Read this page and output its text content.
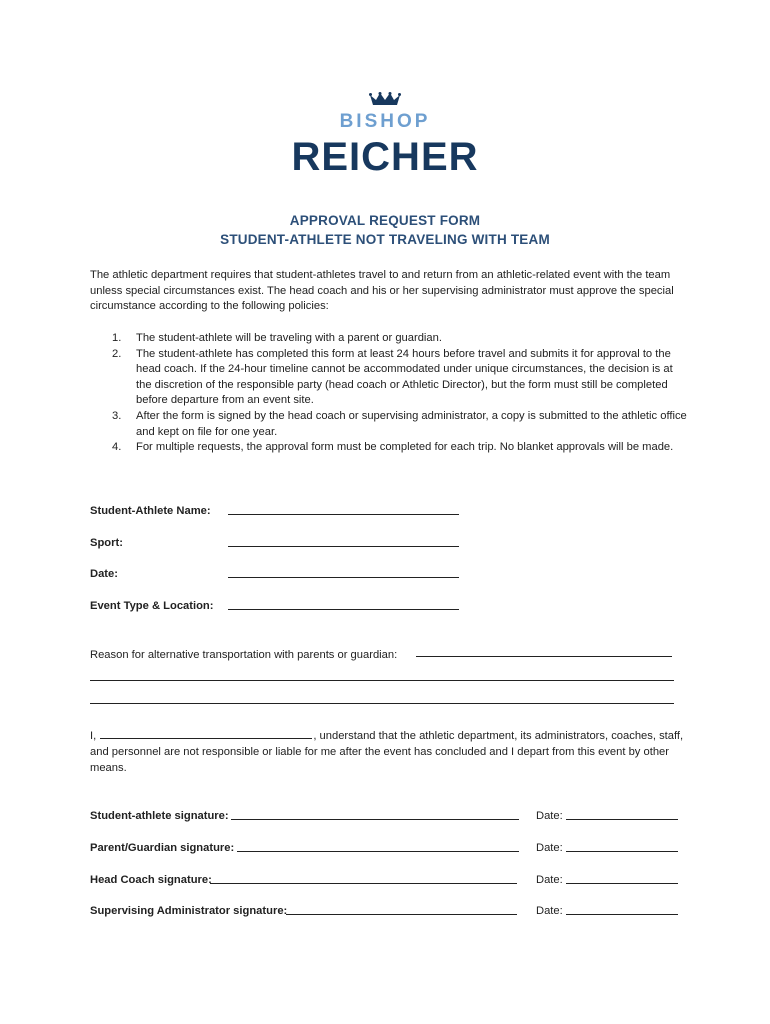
BISHOP
REICHER
APPROVAL REQUEST FORM
STUDENT-ATHLETE NOT TRAVELING WITH TEAM
The athletic department requires that student-athletes travel to and return from an athletic-related event with the team unless special circumstances exist. The head coach and his or her supervising administrator must approve the special circumstance according to the following policies:
1. The student-athlete will be traveling with a parent or guardian.
2. The student-athlete has completed this form at least 24 hours before travel and submits it for approval to the head coach. If the 24-hour timeline cannot be accommodated under unique circumstances, the decision is at the discretion of the responsible party (head coach or Athletic Director), but the form must still be completed before departure from an event site.
3. After the form is signed by the head coach or supervising administrator, a copy is submitted to the athletic office and kept on file for one year.
4. For multiple requests, the approval form must be completed for each trip. No blanket approvals will be made.
Student-Athlete Name:
Sport:
Date:
Event Type & Location:
Reason for alternative transportation with parents or guardian:
I,	, understand that the athletic department, its administrators, coaches, staff, and personnel are not responsible or liable for me after the event has concluded and I depart from this event by other means.
Student-athlete signature:	Date:
Parent/Guardian signature:	Date:
Head Coach signature:	Date:
Supervising Administrator signature:	Date:
